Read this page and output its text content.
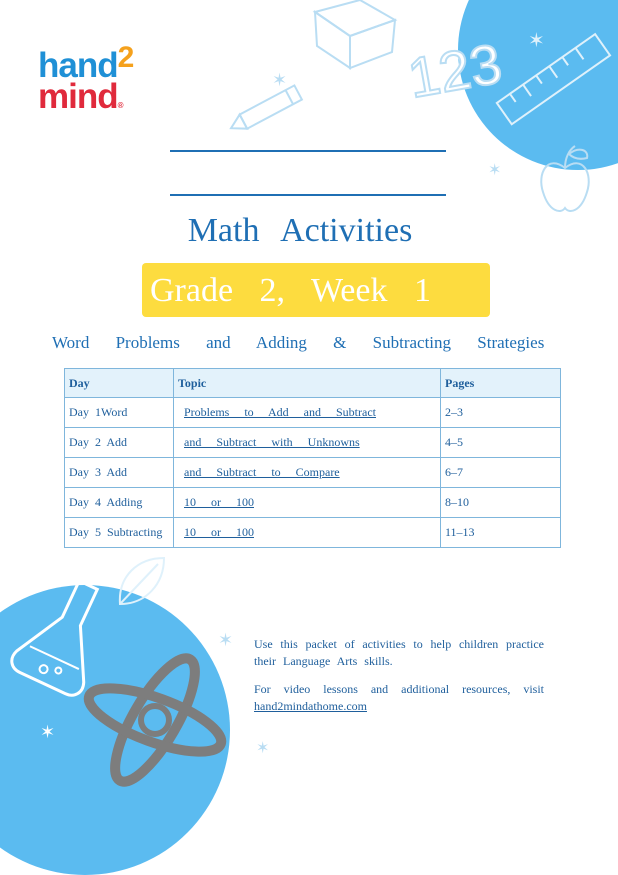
123
✶
✶
✶
✶
✶
✶
hand2
mind®
Math Activities
Grade 2, Week 1
Word Problems and Adding & Subtracting Strategies
Day	Topic	Pages
Day 1Word	Problems to Add and Subtract	2–3
Day 2 Add	and Subtract with Unknowns	4–5
Day 3 Add	and Subtract to Compare	6–7
Day 4 Adding	10 or 100	8–10
Day 5 Subtracting	10 or 100	11–13

Use this packet of activities to help children practice their Language Arts skills.

For video lessons and additional resources, visit hand2mindathome.com
